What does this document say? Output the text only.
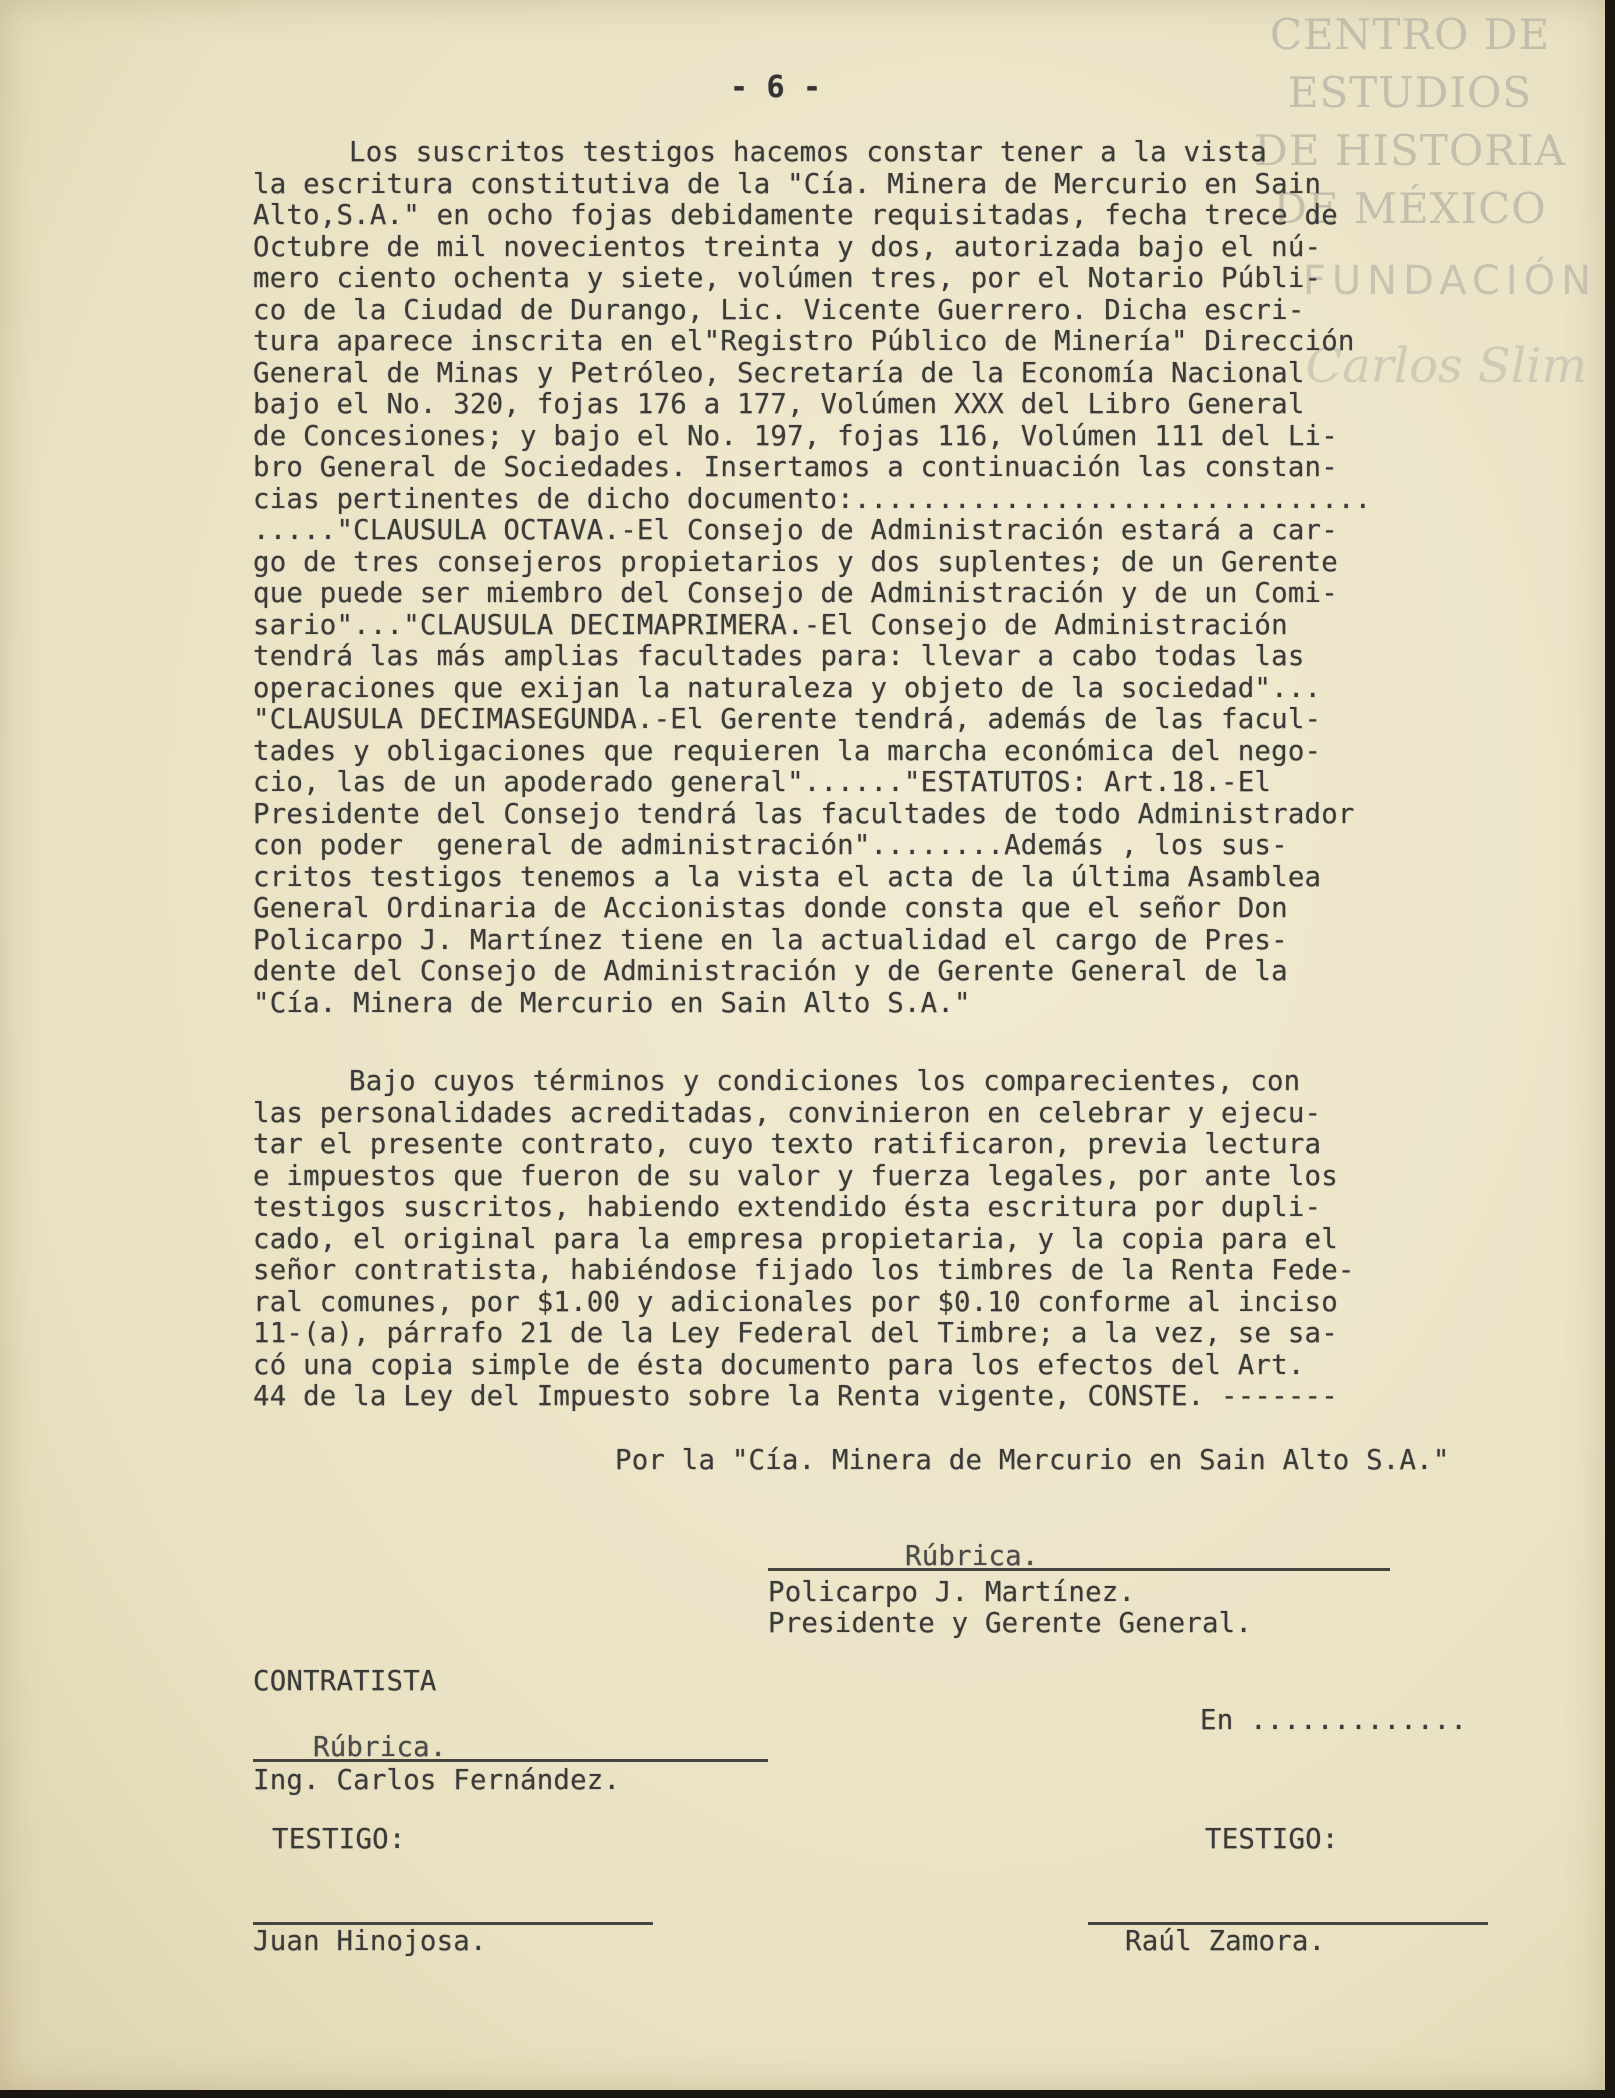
CENTRO DE
ESTUDIOS
DE HISTORIA
DE MÉXICO
FUNDACIÓN
Carlos Slim
- 6 -
Los suscritos testigos hacemos constar tener a la vista
la escritura constitutiva de la "Cía. Minera de Mercurio en Sain
Alto,S.A." en ocho fojas debidamente requisitadas, fecha trece de
Octubre de mil novecientos treinta y dos, autorizada bajo el nú-
mero ciento ochenta y siete, volúmen tres, por el Notario Públi-
co de la Ciudad de Durango, Lic. Vicente Guerrero. Dicha escri-
tura aparece inscrita en el"Registro Público de Minería" Dirección
General de Minas y Petróleo, Secretaría de la Economía Nacional
bajo el No. 320, fojas 176 a 177, Volúmen XXX del Libro General
de Concesiones; y bajo el No. 197, fojas 116, Volúmen 111 del Li-
bro General de Sociedades. Insertamos a continuación las constan-
cias pertinentes de dicho documento:...............................
....."CLAUSULA OCTAVA.-El Consejo de Administración estará a car-
go de tres consejeros propietarios y dos suplentes; de un Gerente
que puede ser miembro del Consejo de Administración y de un Comi-
sario"..."CLAUSULA DECIMAPRIMERA.-El Consejo de Administración
tendrá las más amplias facultades para: llevar a cabo todas las
operaciones que exijan la naturaleza y objeto de la sociedad"...
"CLAUSULA DECIMASEGUNDA.-El Gerente tendrá, además de las facul-
tades y obligaciones que requieren la marcha económica del nego-
cio, las de un apoderado general"......"ESTATUTOS: Art.18.-El
Presidente del Consejo tendrá las facultades de todo Administrador
con poder  general de administración"........Además , los sus-
critos testigos tenemos a la vista el acta de la última Asamblea
General Ordinaria de Accionistas donde consta que el señor Don
Policarpo J. Martínez tiene en la actualidad el cargo de Pres-
dente del Consejo de Administración y de Gerente General de la
"Cía. Minera de Mercurio en Sain Alto S.A."
Bajo cuyos términos y condiciones los comparecientes, con
las personalidades acreditadas, convinieron en celebrar y ejecu-
tar el presente contrato, cuyo texto ratificaron, previa lectura
e impuestos que fueron de su valor y fuerza legales, por ante los
testigos suscritos, habiendo extendido ésta escritura por dupli-
cado, el original para la empresa propietaria, y la copia para el
señor contratista, habiéndose fijado los timbres de la Renta Fede-
ral comunes, por $1.00 y adicionales por $0.10 conforme al inciso
11-(a), párrafo 21 de la Ley Federal del Timbre; a la vez, se sa-
có una copia simple de ésta documento para los efectos del Art.
44 de la Ley del Impuesto sobre la Renta vigente, CONSTE. -------
Por la "Cía. Minera de Mercurio en Sain Alto S.A."
Rúbrica.
Policarpo J. Martínez.
Presidente y Gerente General.
CONTRATISTA
En .............
Rúbrica.
Ing. Carlos Fernández.
TESTIGO:	TESTIGO:
Juan Hinojosa.	Raúl Zamora.
